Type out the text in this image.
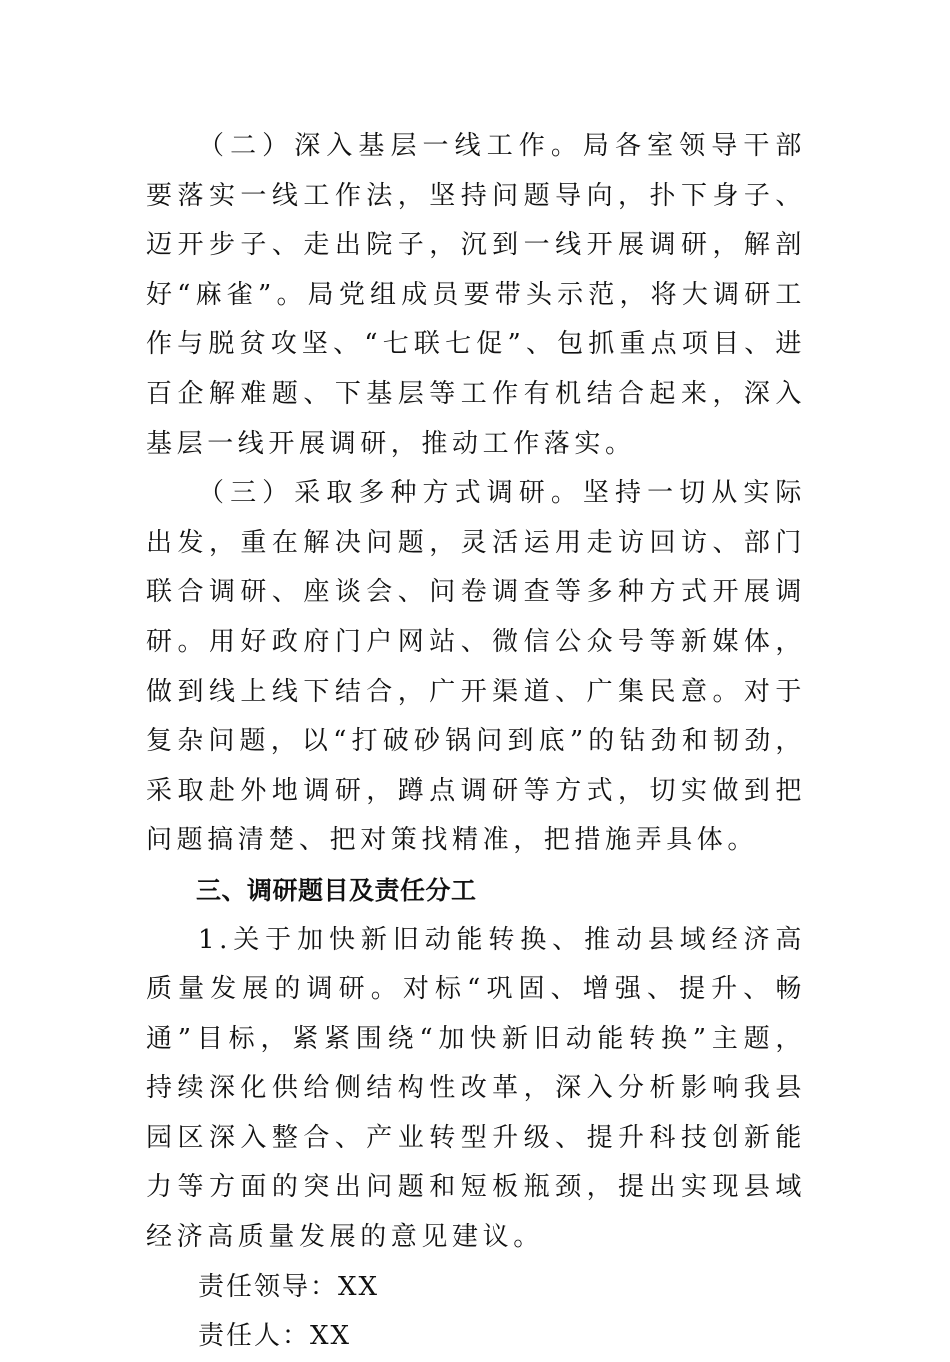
（二）深入基层一线工作。局各室领导干部要落实一线工作法，坚持问题导向，扑下身子、迈开步子、走出院子，沉到一线开展调研，解剖好“麻雀”。局党组成员要带头示范，将大调研工作与脱贫攻坚、“七联七促”、包抓重点项目、进百企解难题、下基层等工作有机结合起来，深入基层一线开展调研，推动工作落实。

（三）采取多种方式调研。坚持一切从实际出发，重在解决问题，灵活运用走访回访、部门联合调研、座谈会、问卷调查等多种方式开展调研。用好政府门户网站、微信公众号等新媒体，做到线上线下结合，广开渠道、广集民意。对于复杂问题，以“打破砂锅问到底”的钻劲和韧劲，采取赴外地调研，蹲点调研等方式，切实做到把问题搞清楚、把对策找精准，把措施弄具体。

三、调研题目及责任分工

1.关于加快新旧动能转换、推动县域经济高质量发展的调研。对标“巩固、增强、提升、畅通”目标，紧紧围绕“加快新旧动能转换”主题，持续深化供给侧结构性改革，深入分析影响我县园区深入整合、产业转型升级、提升科技创新能力等方面的突出问题和短板瓶颈，提出实现县域经济高质量发展的意见建议。

责任领导：XX

责任人：XX
